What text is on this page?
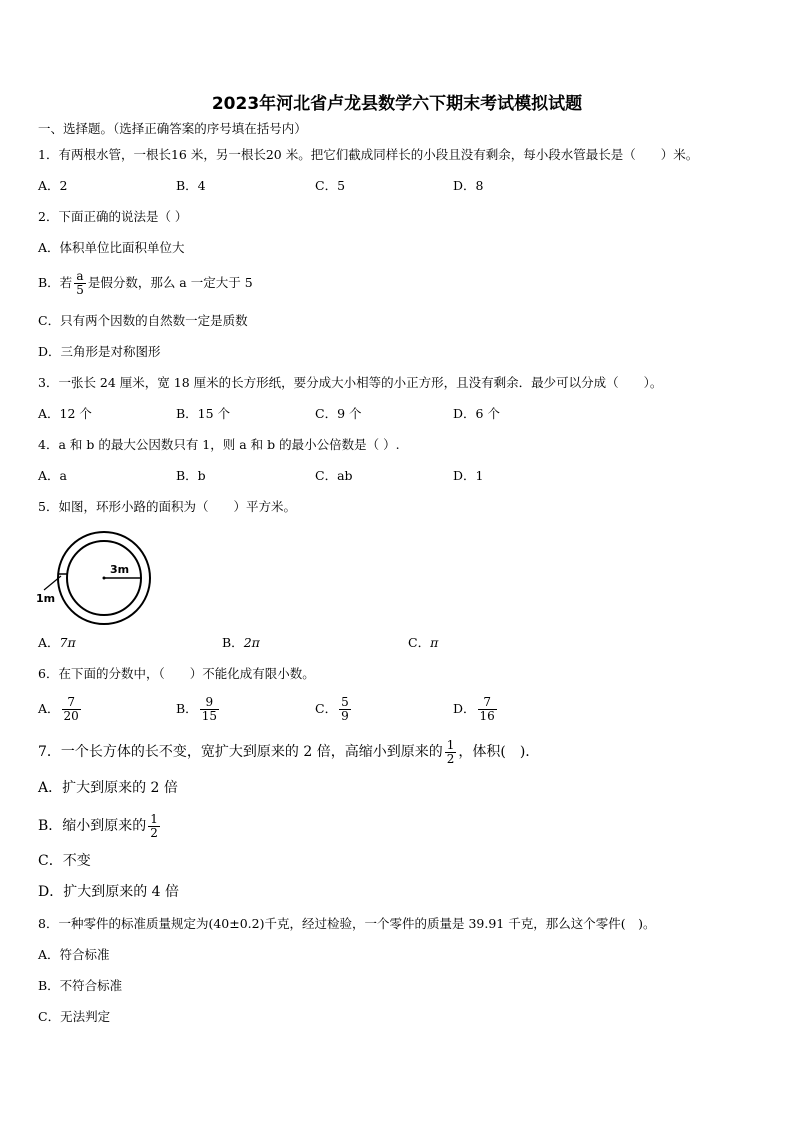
2023年河北省卢龙县数学六下期末考试模拟试题
一、选择题。（选择正确答案的序号填在括号内）
1．有两根水管，一根长16 米，另一根长20 米。把它们截成同样长的小段且没有剩余，每小段水管最长是（　　）米。
A．2	B．4	C．5	D．8
2．下面正确的说法是（ ）
A．体积单位比面积单位大
B．若 $\frac{a}{5}$ 是假分数，那么 a 一定大于 5
C．只有两个因数的自然数一定是质数
D．三角形是对称图形
3．一张长 24 厘米，宽 18 厘米的长方形纸，要分成大小相等的小正方形，且没有剩余．最少可以分成（　　）。
A．12 个	B．15 个	C．9 个	D．6 个
4．a 和 b 的最大公因数只有 1，则 a 和 b 的最小公倍数是（ ）.
A．a	B．b	C．ab	D．1
5．如图，环形小路的面积为（　　）平方米。
3m
1m
A．7π	B．2π	C．π
6．在下面的分数中，（　　）不能化成有限小数。
A． $\frac{7}{20}$	B． $\frac{9}{15}$	C． $\frac{5}{9}$	D． $\frac{7}{16}$
7．一个长方体的长不变，宽扩大到原来的 2 倍，高缩小到原来的 $\frac{1}{2}$ ，体积(　).
A．扩大到原来的 2 倍
B．缩小到原来的 $\frac{1}{2}$
C．不变
D．扩大到原来的 4 倍
8．一种零件的标准质量规定为(40±0.2)千克，经过检验，一个零件的质量是 39.91 千克，那么这个零件(　)。
A．符合标准
B．不符合标准
C．无法判定
